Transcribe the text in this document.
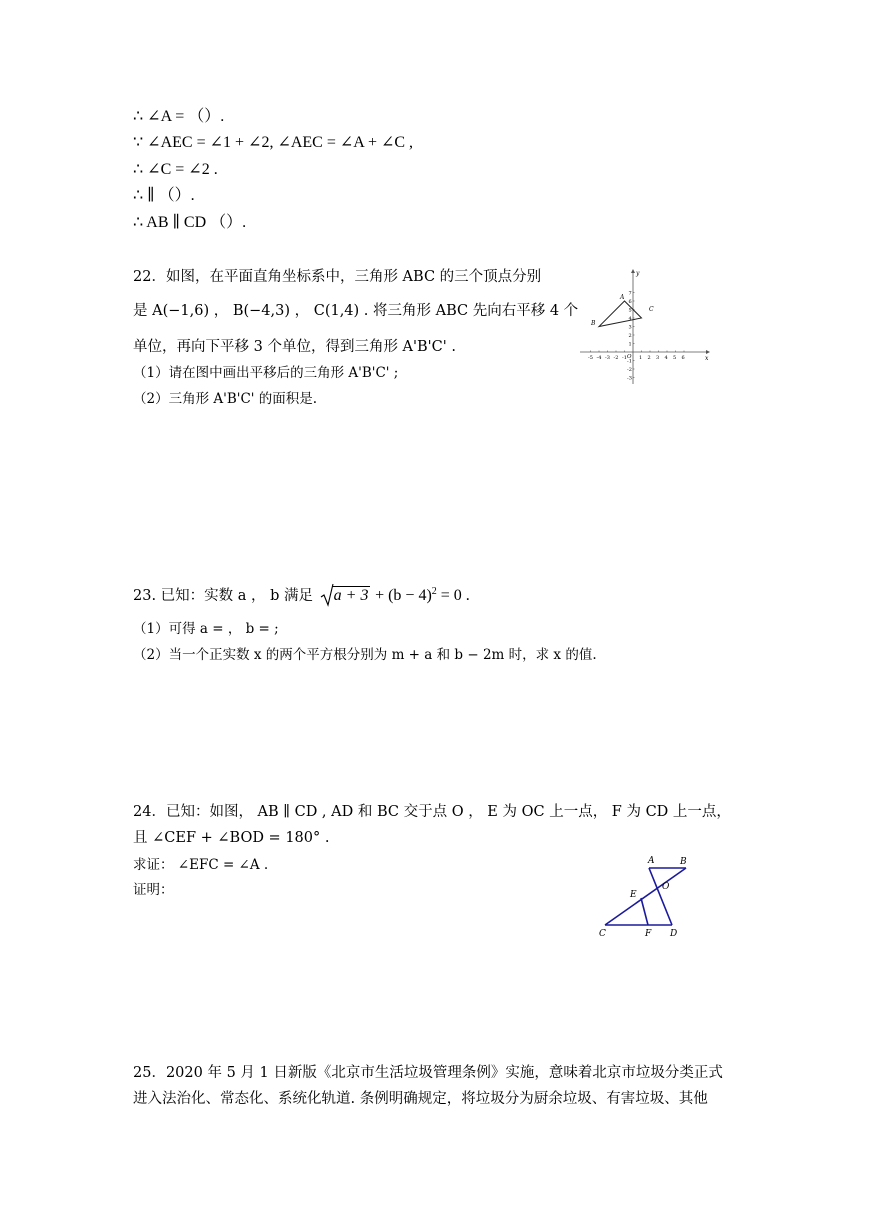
∴ ∠A = （）.
∵ ∠AEC = ∠1 + ∠2, ∠AEC = ∠A + ∠C ,
∴ ∠C = ∠2 .
∴ ∥ （）.
∴ AB ∥ CD （）.
22．如图，在平面直角坐标系中，三角形 ABC 的三个顶点分别
是 A(−1,6) ， B(−4,3) ， C(1,4) . 将三角形 ABC 先向右平移 4 个
单位，再向下平移 3 个单位，得到三角形 A'B'C' .
（1）请在图中画出平移后的三角形 A'B'C' ;
（2）三角形 A'B'C' 的面积是.
x
y
O
-5 -4 -3 -2 -1 1 2 3 4 5 6
7
6
5
4
3
2
1
-1
-2
-3
A
B
C
23. 已知：实数 a ， b 满足 $a + 3 + (b - 4)^2 = 0$ .
（1）可得 a = ， b = ;
（2）当一个正实数 x 的两个平方根分别为 m + a 和 b − 2m 时，求 x 的值.
24．已知：如图， AB ∥ CD , AD 和 BC 交于点 O ， E 为 OC 上一点， F 为 CD 上一点，
且 ∠CEF + ∠BOD = 180° .
求证： ∠EFC = ∠A .
证明：
A	B
O
E
C	F D
25．2020 年 5 月 1 日新版《北京市生活垃圾管理条例》实施，意味着北京市垃圾分类正式
进入法治化、常态化、系统化轨道. 条例明确规定，将垃圾分为厨余垃圾、有害垃圾、其他
